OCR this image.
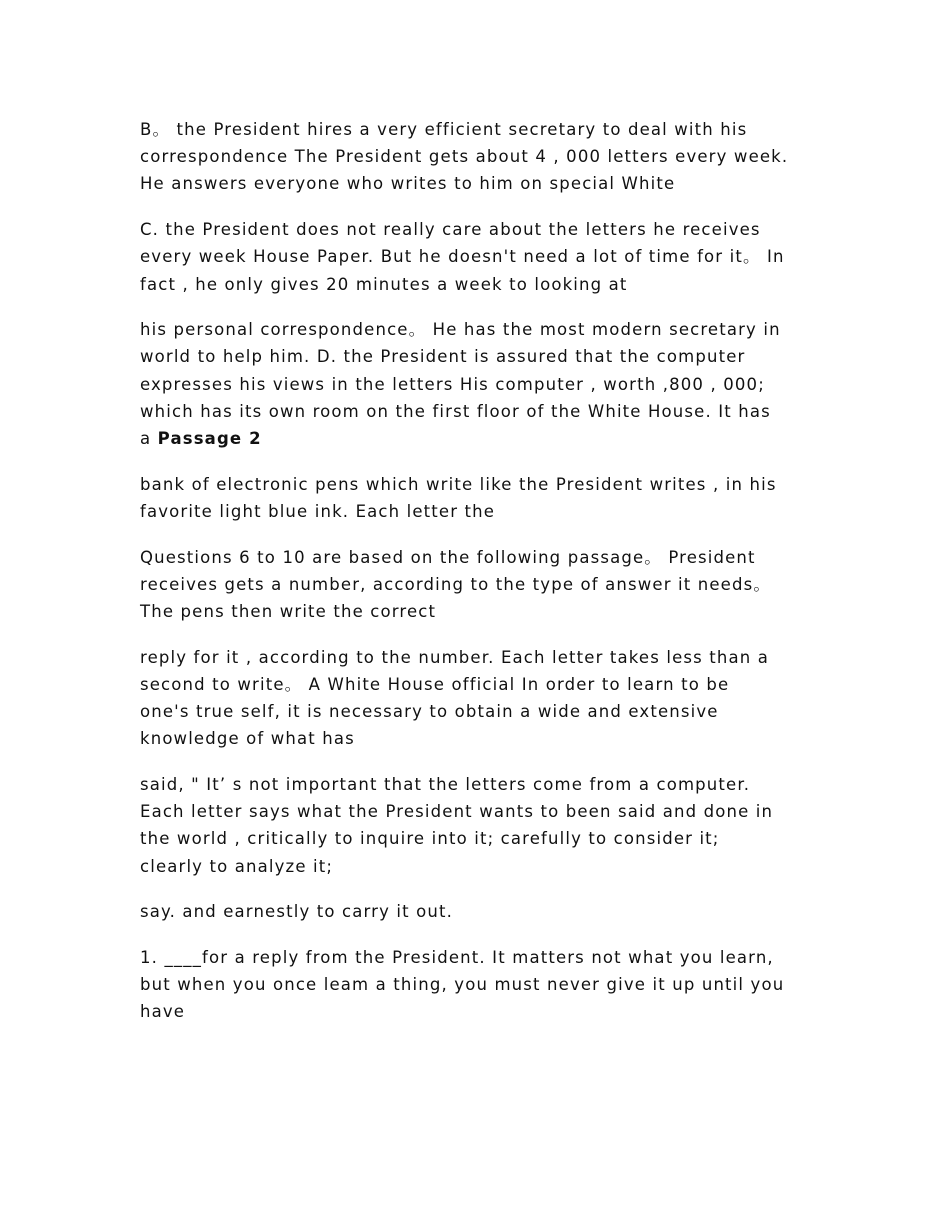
B。 the President hires a very efficient secretary to deal with his
correspondence The President gets about 4 , 000 letters every week.
He answers everyone who writes to him on special White

C. the President does not really care about the letters he receives
every week House Paper. But he doesn't need a lot of time for it。 In
fact , he only gives 20 minutes a week to looking at

his personal correspondence。 He has the most modern secretary in
world to help him. D. the President is assured that the computer
expresses his views in the letters His computer , worth ,800 , 000;
which has its own room on the first floor of the White House. It has
a Passage 2

bank of electronic pens which write like the President writes , in his
favorite light blue ink. Each letter the

Questions 6 to 10 are based on the following passage。 President
receives gets a number, according to the type of answer it needs。
The pens then write the correct

reply for it , according to the number. Each letter takes less than a
second to write。 A White House official In order to learn to be
one's true self, it is necessary to obtain a wide and extensive
knowledge of what has

said, " It’ s not important that the letters come from a computer.
Each letter says what the President wants to been said and done in
the world , critically to inquire into it; carefully to consider it;
clearly to analyze it;

say. and earnestly to carry it out.

1. ____for a reply from the President. It matters not what you learn,
but when you once leam a thing, you must never give it up until you
have
